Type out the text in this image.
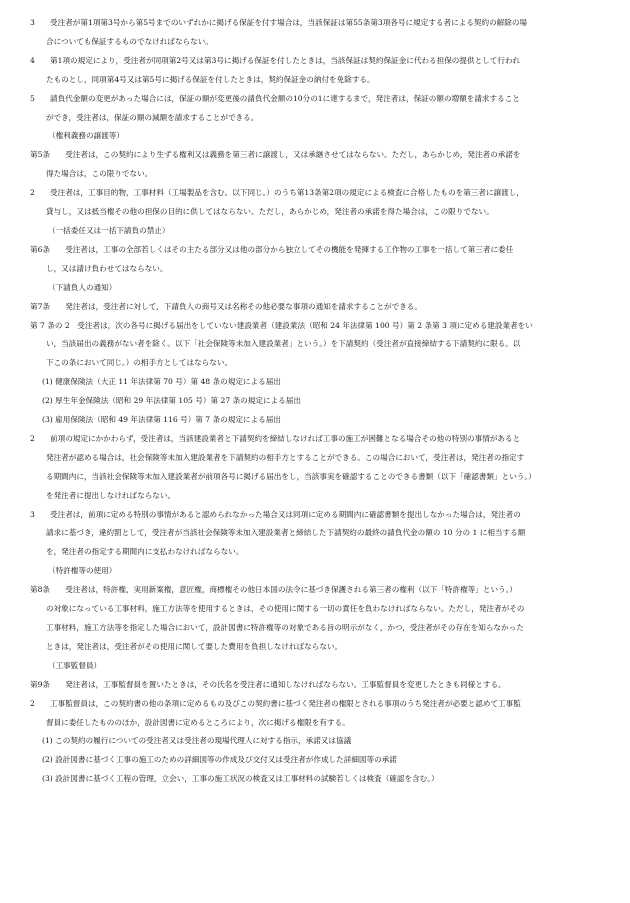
3　　受注者が第1項第3号から第5号までのいずれかに掲げる保証を付す場合は，当該保証は第55条第3項各号に規定する者による契約の解除の場
合についても保証するものでなければならない。
4　　第1項の規定により，受注者が同項第2号又は第3号に掲げる保証を付したときは，当該保証は契約保証金に代わる担保の提供として行われ
たものとし，同項第4号又は第5号に掲げる保証を付したときは，契約保証金の納付を免除する。
5　　請負代金額の変更があった場合には，保証の額が変更後の請負代金額の10分の1に達するまで，発注者は，保証の額の増額を請求すること
ができ，受注者は，保証の額の減額を請求することができる。
（権利義務の譲渡等）
第5条　　受注者は，この契約により生ずる権利又は義務を第三者に譲渡し，又は承継させてはならない。ただし，あらかじめ，発注者の承諾を
得た場合は，この限りでない。
2　　受注者は，工事目的物，工事材料（工場製品を含む。以下同じ。）のうち第13条第2項の規定による検査に合格したものを第三者に譲渡し，
貸与し，又は抵当権その他の担保の目的に供してはならない。ただし，あらかじめ，発注者の承諾を得た場合は，この限りでない。
（一括委任又は一括下請負の禁止）
第6条　　受注者は，工事の全部若しくはその主たる部分又は他の部分から独立してその機能を発揮する工作物の工事を一括して第三者に委任
し，又は請け負わせてはならない。
（下請負人の通知）
第7条　　発注者は，受注者に対して，下請負人の商号又は名称その他必要な事項の通知を請求することができる。
第 7 条の 2　受注者は，次の各号に掲げる届出をしていない建設業者（建設業法（昭和 24 年法律第 100 号）第 2 条第 3 項に定める建設業者をい
い，当該届出の義務がない者を除く。以下「社会保険等未加入建設業者」という。）を下請契約（受注者が直接締結する下請契約に限る。以
下この条において同じ。）の相手方としてはならない。
(1) 健康保険法（大正 11 年法律第 70 号）第 48 条の規定による届出
(2) 厚生年金保険法（昭和 29 年法律第 105 号）第 27 条の規定による届出
(3) 雇用保険法（昭和 49 年法律第 116 号）第 7 条の規定による届出
2　　前項の規定にかかわらず，受注者は，当該建設業者と下請契約を締結しなければ工事の施工が困難となる場合その他の特別の事情があると
発注者が認める場合は，社会保険等未加入建設業者を下請契約の相手方とすることができる。この場合において，受注者は，発注者の指定す
る期間内に，当該社会保険等未加入建設業者が前項各号に掲げる届出をし，当該事実を確認することのできる書類（以下「確認書類」という。）
を発注者に提出しなければならない。
3　　受注者は，前項に定める特別の事情があると認められなかった場合又は同項に定める期間内に確認書類を提出しなかった場合は，発注者の
請求に基づき，違約罰として，受注者が当該社会保険等未加入建設業者と締結した下請契約の最終の請負代金の額の 10 分の 1 に相当する額
を，発注者の指定する期間内に支払わなければならない。
（特許権等の使用）
第8条　　受注者は，特許権，実用新案権，意匠権，商標権その他日本国の法令に基づき保護される第三者の権利（以下「特許権等」という。）
の対象になっている工事材料，施工方法等を使用するときは，その使用に関する一切の責任を負わなければならない。ただし，発注者がその
工事材料，施工方法等を指定した場合において，設計図書に特許権等の対象である旨の明示がなく，かつ，受注者がその存在を知らなかった
ときは，発注者は，受注者がその使用に関して要した費用を負担しなければならない。
（工事監督員）
第9条　　発注者は，工事監督員を置いたときは，その氏名を受注者に通知しなければならない。工事監督員を変更したときも同様とする。
2　　工事監督員は，この契約書の他の条項に定めるもの及びこの契約書に基づく発注者の権限とされる事項のうち発注者が必要と認めて工事監
督員に委任したもののほか，設計図書に定めるところにより，次に掲げる権限を有する。
(1) この契約の履行についての受注者又は受注者の現場代理人に対する指示，承諾又は協議
(2) 設計図書に基づく工事の施工のための詳細図等の作成及び交付又は受注者が作成した詳細図等の承諾
(3) 設計図書に基づく工程の管理，立会い，工事の施工状況の検査又は工事材料の試験若しくは検査（確認を含む。）
